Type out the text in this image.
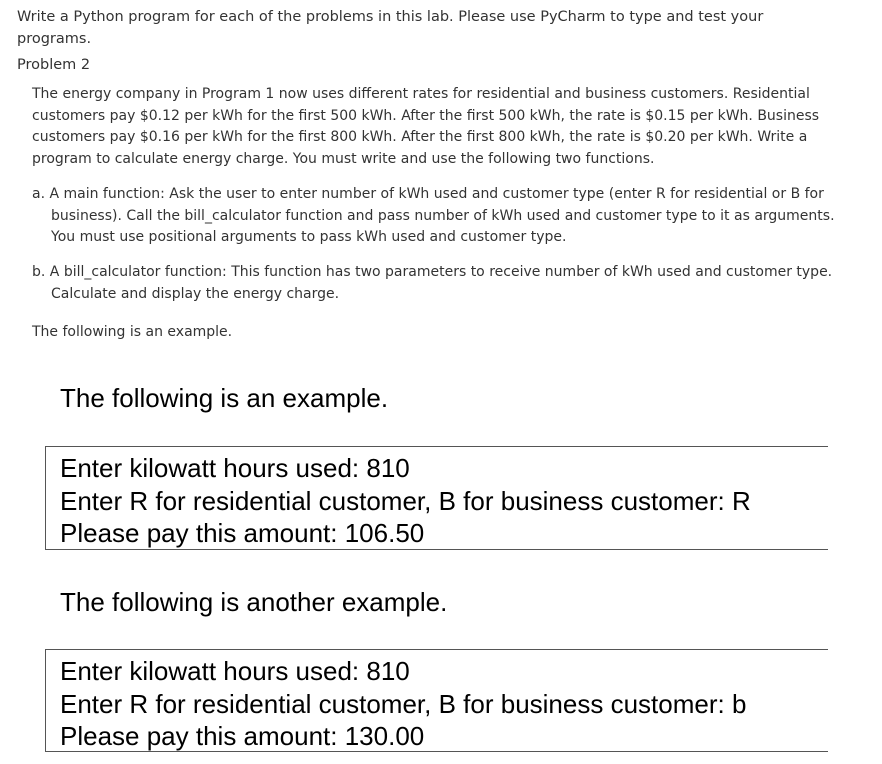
Write a Python program for each of the problems in this lab. Please use PyCharm to type and test your programs.

Problem 2

The energy company in Program 1 now uses different rates for residential and business customers. Residential customers pay $0.12 per kWh for the first 500 kWh. After the first 500 kWh, the rate is $0.15 per kWh. Business customers pay $0.16 per kWh for the first 800 kWh. After the first 800 kWh, the rate is $0.20 per kWh. Write a program to calculate energy charge. You must write and use the following two functions.

a. A main function: Ask the user to enter number of kWh used and customer type (enter R for residential or B for business). Call the bill_calculator function and pass number of kWh used and customer type to it as arguments. You must use positional arguments to pass kWh used and customer type.

b. A bill_calculator function: This function has two parameters to receive number of kWh used and customer type. Calculate and display the energy charge.

The following is an example.

The following is an example.

Enter kilowatt hours used: 810
Enter R for residential customer, B for business customer: R
Please pay this amount: 106.50

The following is another example.

Enter kilowatt hours used: 810
Enter R for residential customer, B for business customer: b
Please pay this amount: 130.00
